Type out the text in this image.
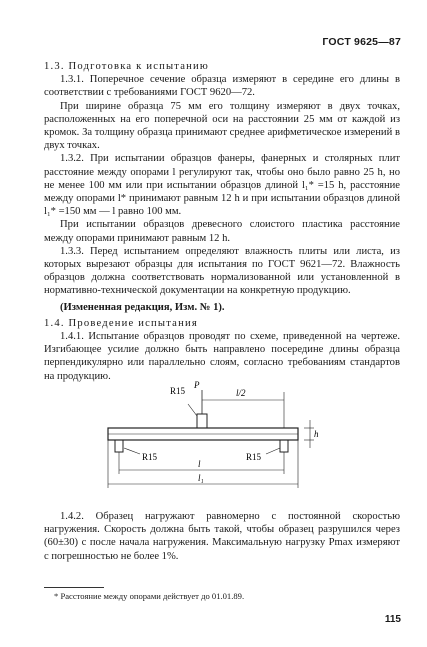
ГОСТ 9625—87

1.3. Подготовка к испытанию

1.3.1. Поперечное сечение образца измеряют в середине его длины в соответствии с требованиями ГОСТ 9620—72.

При ширине образца 75 мм его толщину измеряют в двух точках, расположенных на его поперечной оси на расстоянии 25 мм от каждой из кромок. За толщину образца принимают среднее арифметическое измерений в двух точках.

1.3.2. При испытании образцов фанеры, фанерных и столярных плит расстояние между опорами l регулируют так, чтобы оно было равно 25 h, но не менее 100 мм или при испытании образцов длиной l₁* =15 h, расстояние между опорами l* принимают равным 12 h и при испытании образцов длиной l₁* =150 мм — l равно 100 мм.

При испытании образцов древесного слоистого пластика расстояние между опорами принимают равным 12 h.

1.3.3. Перед испытанием определяют влажность плиты или листа, из которых вырезают образцы для испытания по ГОСТ 9621—72. Влажность образцов должна соответствовать нормализованной или установленной в нормативно-технической документации на конкретную продукцию.

(Измененная редакция, Изм. № 1).

1.4. Проведение испытания

1.4.1. Испытание образцов проводят по схеме, приведенной на чертеже. Изгибающее усилие должно быть направлено посередине длины образца перпендикулярно или параллельно слоям, согласно требованиям стандартов на продукцию.

R15
P
l/2
h
R15	R15
l
l₁

1.4.2. Образец нагружают равномерно с постоянной скоростью нагружения. Скорость должна быть такой, чтобы образец разрушился через (60±30) с после начала нагружения. Максимальную нагрузку Pmax измеряют с погрешностью не более 1%.

* Расстояние между опорами действует до 01.01.89.
115
